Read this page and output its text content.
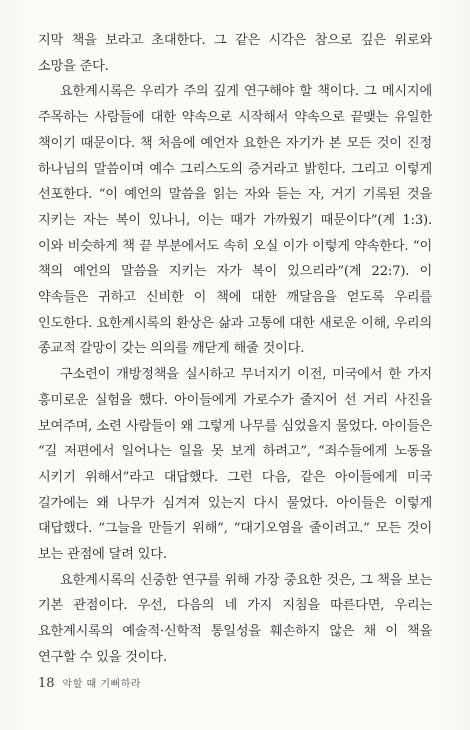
지막 책을 보라고 초대한다. 그 같은 시각은 참으로 깊은 위로와 소망을 준다.

요한계시록은 우리가 주의 깊게 연구해야 할 책이다. 그 메시지에 주목하는 사람들에 대한 약속으로 시작해서 약속으로 끝맺는 유일한 책이기 때문이다. 책 처음에 예언자 요한은 자기가 본 모든 것이 진정 하나님의 말씀이며 예수 그리스도의 증거라고 밝힌다. 그리고 이렇게 선포한다. “이 예언의 말씀을 읽는 자와 듣는 자, 거기 기록된 것을 지키는 자는 복이 있나니, 이는 때가 가까웠기 때문이다”(계 1:3). 이와 비슷하게 책 끝 부분에서도 속히 오실 이가 이렇게 약속한다. “이 책의 예언의 말씀을 지키는 자가 복이 있으리라”(계 22:7). 이 약속들은 귀하고 신비한 이 책에 대한 깨달음을 얻도록 우리를 인도한다. 요한계시록의 환상은 삶과 고통에 대한 새로운 이해, 우리의 종교적 갈망이 갖는 의의를 깨닫게 해줄 것이다.

구소련이 개방정책을 실시하고 무너지기 이전, 미국에서 한 가지 흥미로운 실험을 했다. 아이들에게 가로수가 줄지어 선 거리 사진을 보여주며, 소련 사람들이 왜 그렇게 나무를 심었을지 물었다. 아이들은 “길 저편에서 일어나는 일을 못 보게 하려고”, “죄수들에게 노동을 시키기 위해서”라고 대답했다. 그런 다음, 같은 아이들에게 미국 길가에는 왜 나무가 심겨져 있는지 다시 물었다. 아이들은 이렇게 대답했다. “그늘을 만들기 위해”, “대기오염을 줄이려고.” 모든 것이 보는 관점에 달려 있다.

요한계시록의 신중한 연구를 위해 가장 중요한 것은, 그 책을 보는 기본 관점이다. 우선, 다음의 네 가지 지침을 따른다면, 우리는 요한계시록의 예술적·신학적 통일성을 훼손하지 않은 채 이 책을 연구할 수 있을 것이다.

18 악할 때 기뻐하라
